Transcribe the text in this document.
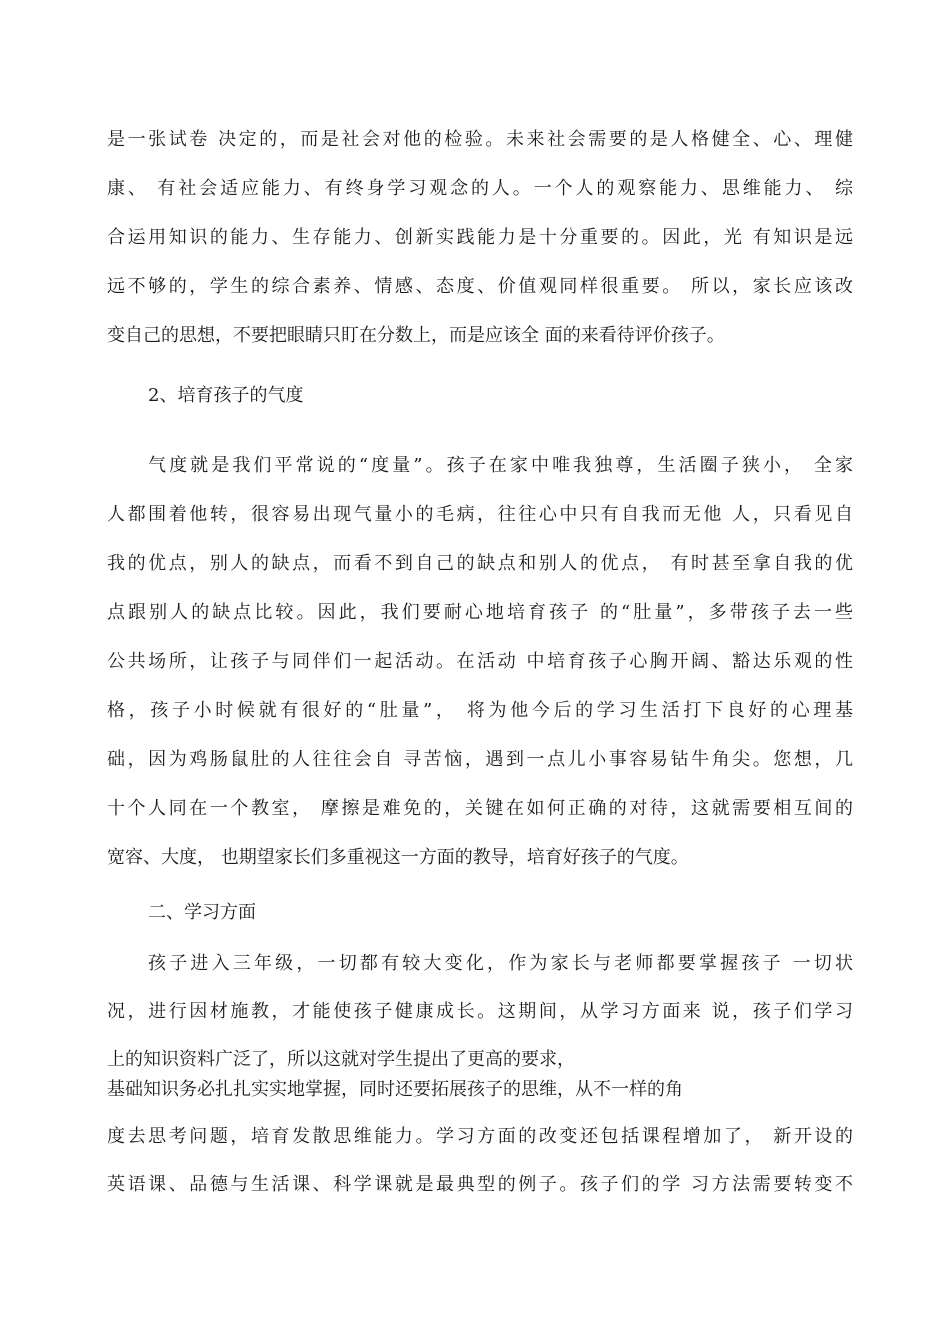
是一张试卷 决定的，而是社会对他的检验。未来社会需要的是人格健全、心、理健
康、 有社会适应能力、有终身学习观念的人。一个人的观察能力、思维能力、 综
合运用知识的能力、生存能力、创新实践能力是十分重要的。因此，光 有知识是远
远不够的，学生的综合素养、情感、态度、价值观同样很重要。 所以，家长应该改
变自己的思想，不要把眼睛只盯在分数上，而是应该全 面的来看待评价孩子。
2、培育孩子的气度
气度就是我们平常说的“度量”。孩子在家中唯我独尊，生活圈子狭小， 全家
人都围着他转，很容易出现气量小的毛病，往往心中只有自我而无他 人，只看见自
我的优点，别人的缺点，而看不到自己的缺点和别人的优点， 有时甚至拿自我的优
点跟别人的缺点比较。因此，我们要耐心地培育孩子 的“肚量”，多带孩子去一些
公共场所，让孩子与同伴们一起活动。在活动 中培育孩子心胸开阔、豁达乐观的性
格，孩子小时候就有很好的“肚量”， 将为他今后的学习生活打下良好的心理基
础，因为鸡肠鼠肚的人往往会自 寻苦恼，遇到一点儿小事容易钻牛角尖。您想，几
十个人同在一个教室， 摩擦是难免的，关键在如何正确的对待，这就需要相互间的
宽容、大度， 也期望家长们多重视这一方面的教导，培育好孩子的气度。
二、学习方面
孩子进入三年级，一切都有较大变化，作为家长与老师都要掌握孩子 一切状
况，进行因材施教，才能使孩子健康成长。这期间，从学习方面来 说，孩子们学习
上的知识资料广泛了，所以这就对学生提出了更高的要求，
基础知识务必扎扎实实地掌握，同时还要拓展孩子的思维，从不一样的角
度去思考问题，培育发散思维能力。学习方面的改变还包括课程增加了， 新开设的
英语课、品德与生活课、科学课就是最典型的例子。孩子们的学 习方法需要转变不
